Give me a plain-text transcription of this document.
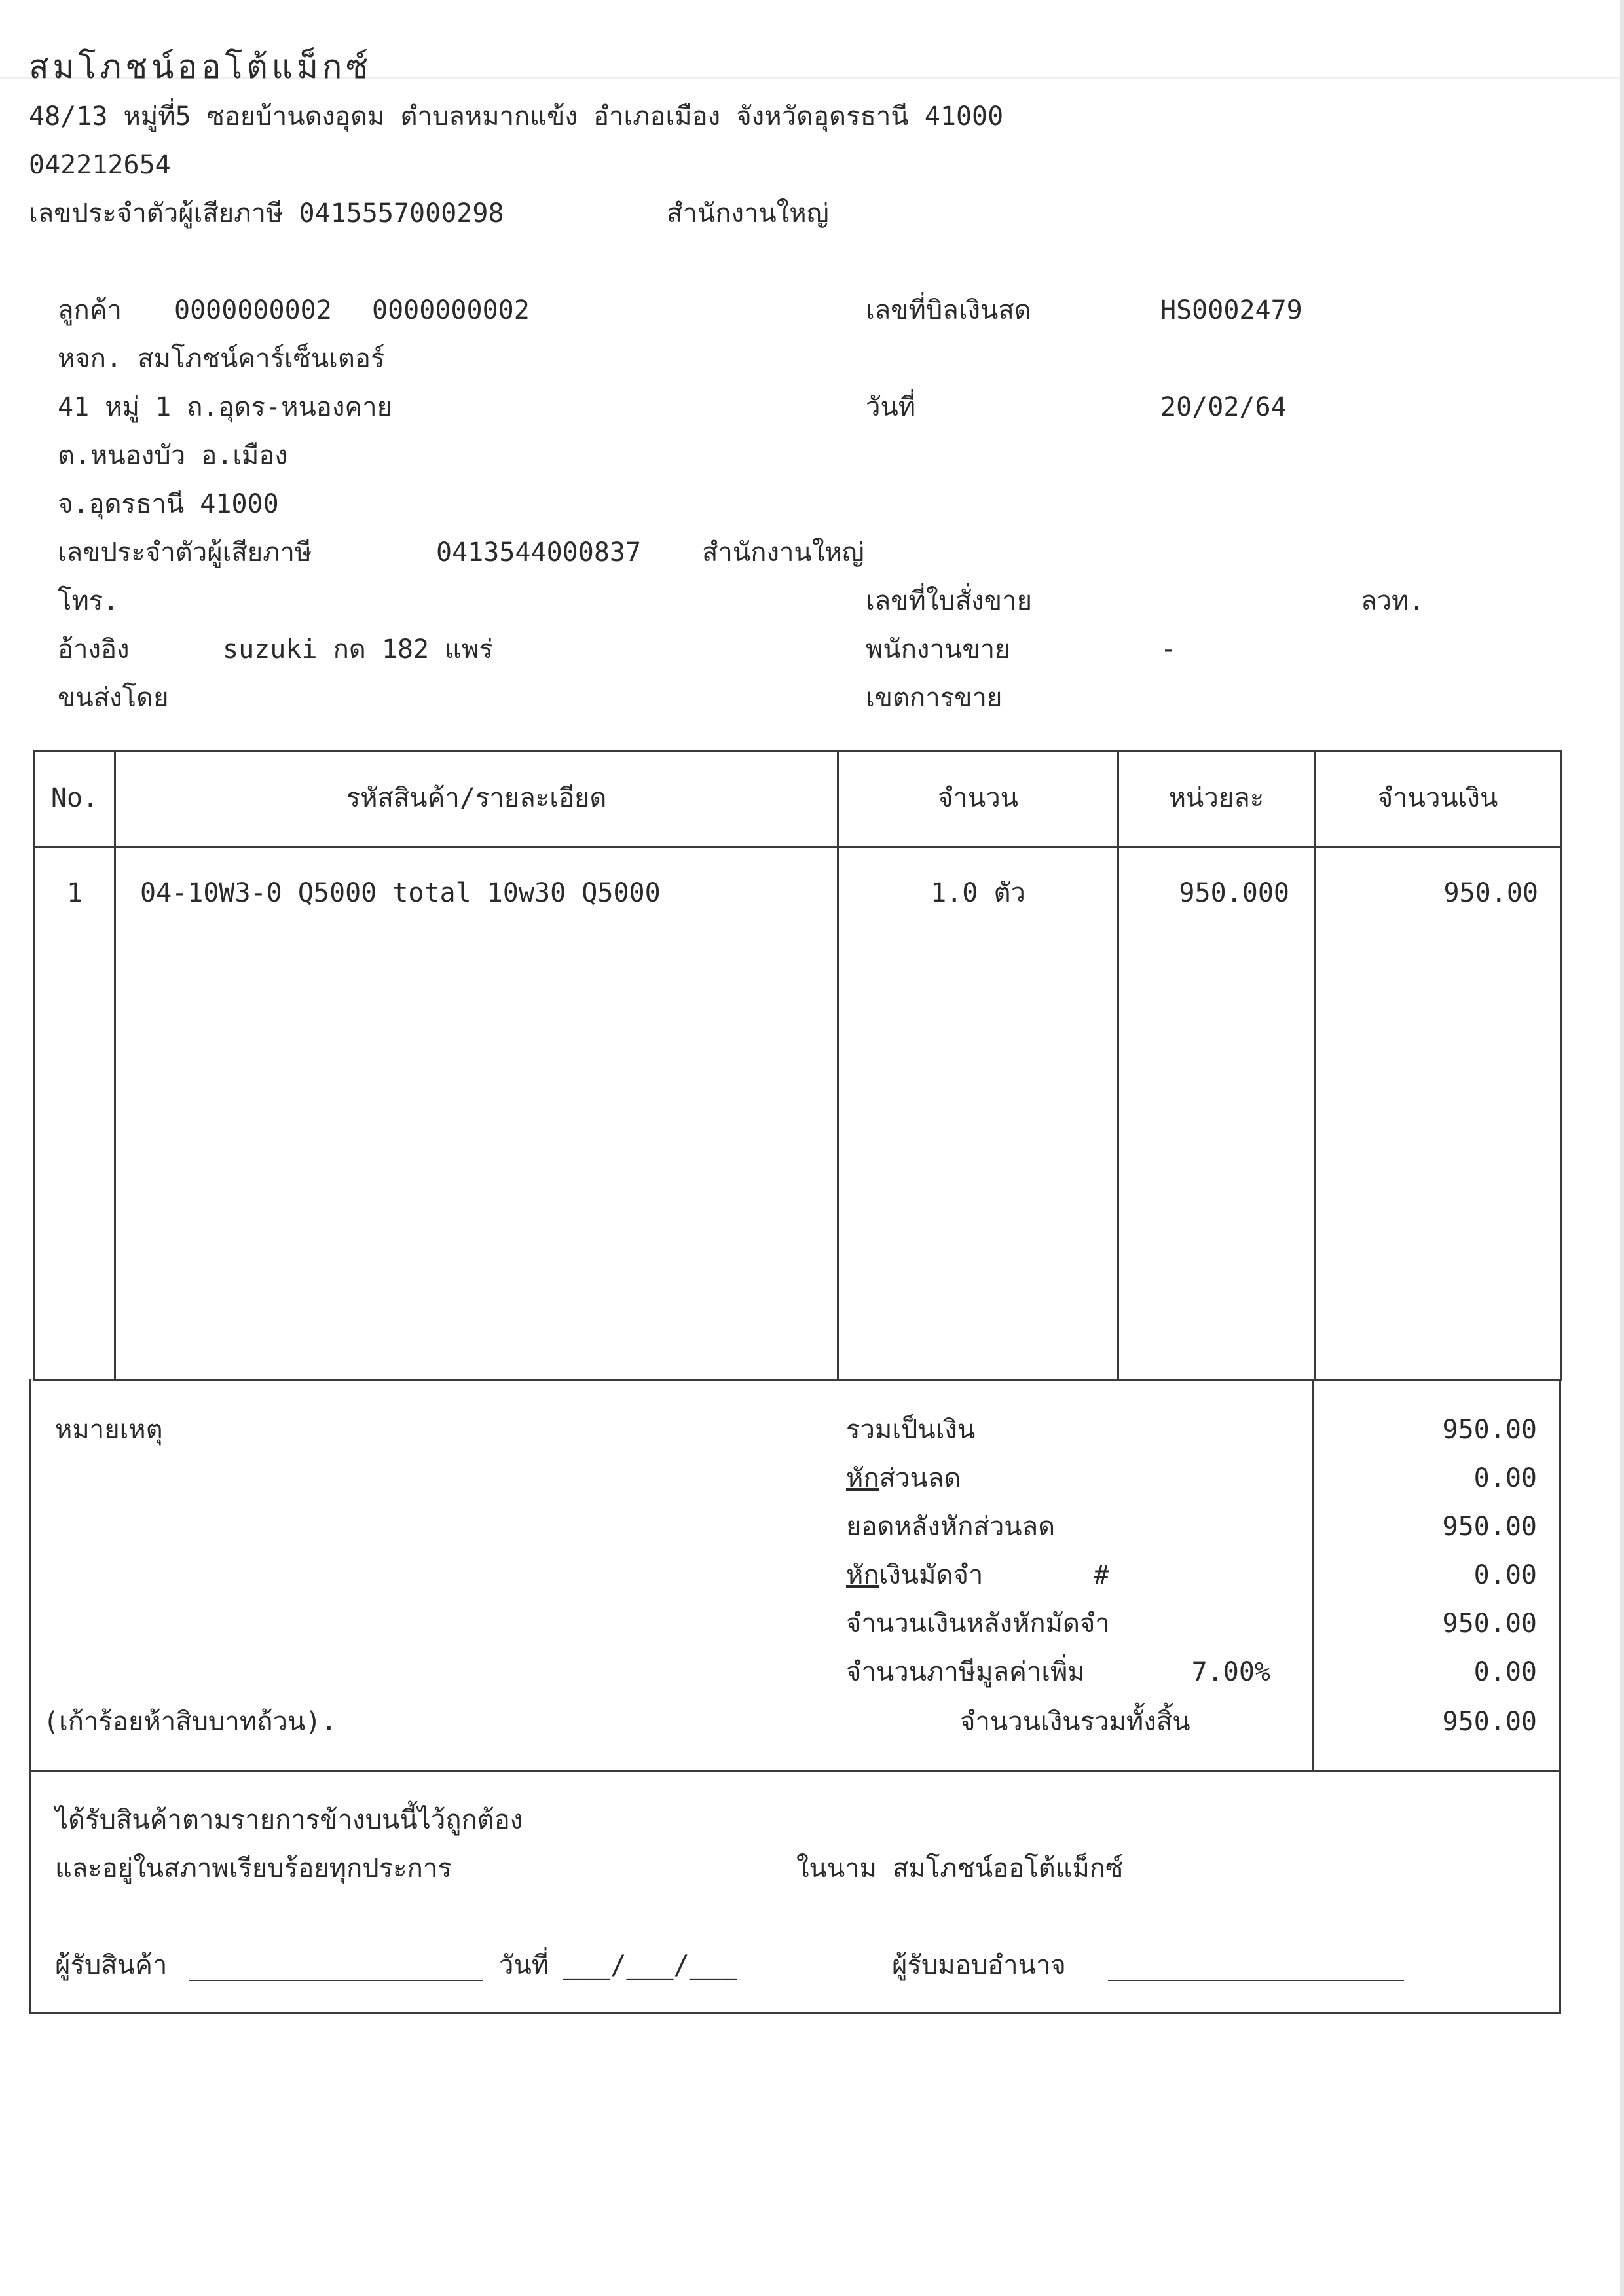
สมโภชน์ออโต้แม็กซ์
48/13 หมู่ที่5 ซอยบ้านดงอุดม ตำบลหมากแข้ง อำเภอเมือง จังหวัดอุดรธานี 41000
042212654
เลขประจำตัวผู้เสียภาษี 0415557000298	สำนักงานใหญ่
ลูกค้า 0000000002 0000000002
หจก. สมโภชน์คาร์เซ็นเตอร์
41 หมู่ 1 ถ.อุดร-หนองคาย
ต.หนองบัว อ.เมือง
จ.อุดรธานี 41000
เลขประจำตัวผู้เสียภาษี	0413544000837 สำนักงานใหญ่
โทร.
อ้างอิง	suzuki กด 182 แพร่
ขนส่งโดย
เลขที่บิลเงินสด	HS0002479
วันที่	20/02/64
เลขที่ใบสั่งขาย	ลวท.
พนักงานขาย	-
เขตการขาย
No.	รหัสสินค้า/รายละเอียด	จำนวน	หน่วยละ	จำนวนเงิน
1	04-10W3-0 Q5000 total 10w30 Q5000	1.0 ตัว	950.000	950.00
หมายเหตุ
(เก้าร้อยห้าสิบบาทถ้วน).
รวมเป็นเงิน	950.00
หักส่วนลด	0.00
ยอดหลังหักส่วนลด	950.00
หักเงินมัดจำ	#	0.00
จำนวนเงินหลังหักมัดจำ	950.00
จำนวนภาษีมูลค่าเพิ่ม	7.00%	0.00
จำนวนเงินรวมทั้งสิ้น	950.00
ได้รับสินค้าตามรายการข้างบนนี้ไว้ถูกต้อง
และอยู่ในสภาพเรียบร้อยทุกประการ	ในนาม สมโภชน์ออโต้แม็กซ์
ผู้รับสินค้า	วันที่ ___/___/___	ผู้รับมอบอำนาจ
